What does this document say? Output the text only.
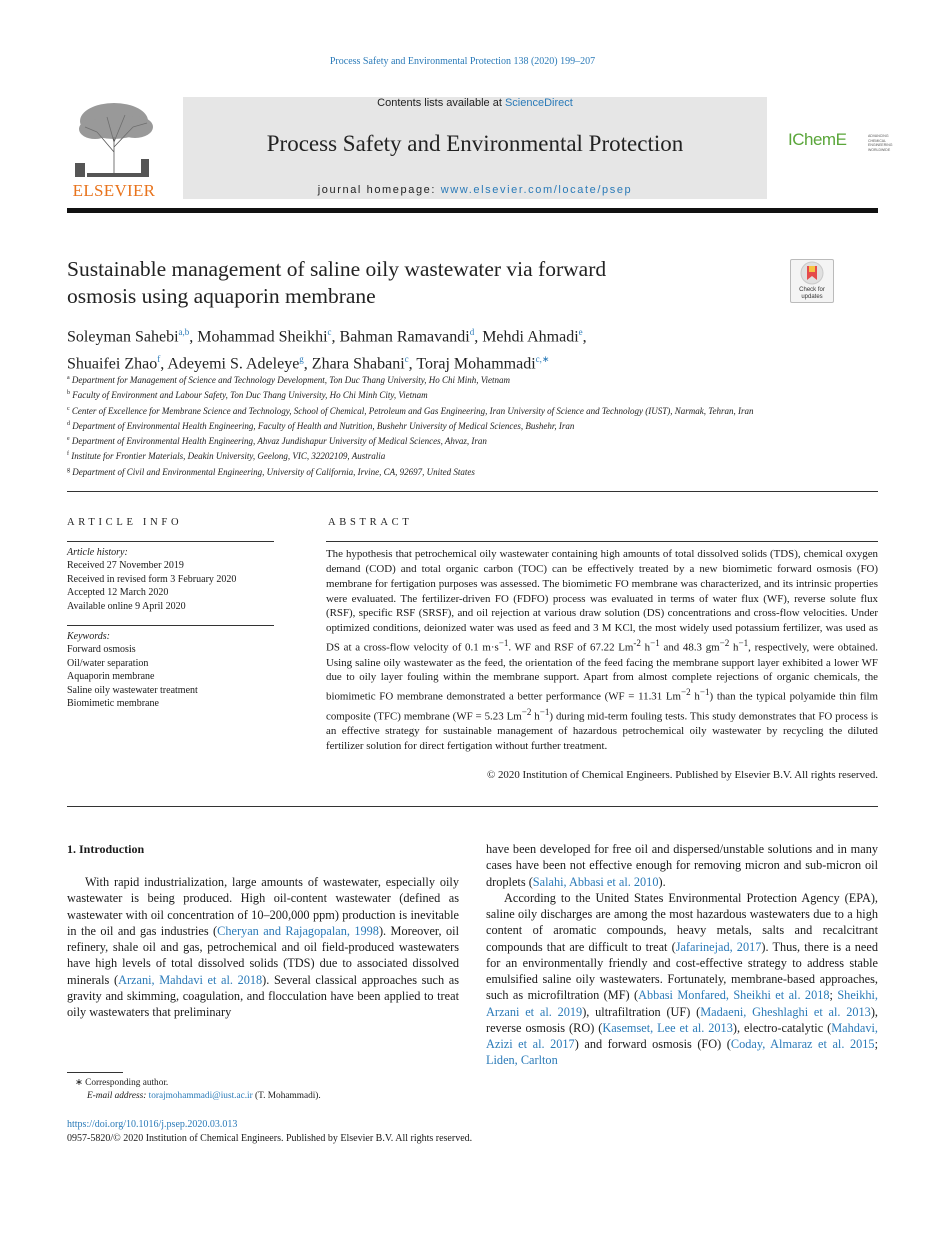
Process Safety and Environmental Protection 138 (2020) 199–207
ELSEVIER
Contents lists available at ScienceDirect
Process Safety and Environmental Protection
journal homepage: www.elsevier.com/locate/psep
IChemE	ADVANCING CHEMICAL ENGINEERING WORLDWIDE
Sustainable management of saline oily wastewater via forward
osmosis using aquaporin membrane	Check for updates
Soleyman Sahebi$^{a,b}$, Mohammad Sheikhi$^c$, Bahman Ramavandi$^d$, Mehdi Ahmadi$^e$,
Shuaifei Zhao$^f$, Adeyemi S. Adeleye$^g$, Zhara Shabani$^c$, Toraj Mohammadi$^{c,∗}$
$^a$ Department for Management of Science and Technology Development, Ton Duc Thang University, Ho Chi Minh, Vietnam
$^b$ Faculty of Environment and Labour Safety, Ton Duc Thang University, Ho Chi Minh City, Vietnam
$^c$ Center of Excellence for Membrane Science and Technology, School of Chemical, Petroleum and Gas Engineering, Iran University of Science and Technology (IUST), Narmak, Tehran, Iran
$^d$ Department of Environmental Health Engineering, Faculty of Health and Nutrition, Bushehr University of Medical Sciences, Bushehr, Iran
$^e$ Department of Environmental Health Engineering, Ahvaz Jundishapur University of Medical Sciences, Ahvaz, Iran
$^f$ Institute for Frontier Materials, Deakin University, Geelong, VIC, 32202109, Australia
$^g$ Department of Civil and Environmental Engineering, University of California, Irvine, CA, 92697, United States
ARTICLE INFO
Article history:
Received 27 November 2019
Received in revised form 3 February 2020
Accepted 12 March 2020
Available online 9 April 2020
Keywords:
Forward osmosis
Oil/water separation
Aquaporin membrane
Saline oily wastewater treatment
Biomimetic membrane
ABSTRACT
The hypothesis that petrochemical oily wastewater containing high amounts of total dissolved solids (TDS), chemical oxygen demand (COD) and total organic carbon (TOC) can be effectively treated by a new biomimetic forward osmosis (FO) membrane for fertigation purposes was assessed. The biomimetic FO membrane was characterized, and its intrinsic properties were evaluated. The fertilizer-driven FO (FDFO) process was evaluated in terms of water flux (WF), reverse solute flux (RSF), specific RSF (SRSF), and oil rejection at various draw solution (DS) concentrations and cross-flow velocities. Under optimized conditions, deionized water was used as feed and 3 M KCl, the most widely used potassium fertilizer, was used as DS at a cross-flow velocity of 0.1 $m\cdot s^{-1}$. WF and RSF of 67.22 $Lm^{-2}$ $h^{-1}$ and 48.3 $gm^{-2}$ $h^{-1}$, respectively, were obtained. Using saline oily wastewater as the feed, the orientation of the feed facing the membrane support layer exhibited a lower WF due to oily layer fouling within the membrane support. Apart from almost complete rejections of organic chemicals, the biomimetic FO membrane demonstrated a better performance (WF = 11.31 $Lm^{-2}$ $h^{-1}$) than the typical polyamide thin film composite (TFC) membrane (WF = 5.23 $Lm^{-2}$ $h^{-1}$) during mid-term fouling tests. This study demonstrates that FO process is an effective strategy for sustainable management of hazardous petrochemical oily wastewater by recycling the diluted fertilizer solution for direct fertigation without further treatment.
© 2020 Institution of Chemical Engineers. Published by Elsevier B.V. All rights reserved.
1. Introduction
With rapid industrialization, large amounts of wastewater, especially oily wastewater is being produced. High oil-content wastewater (defined as wastewater with oil concentration of 10–200,000 ppm) production is inevitable in the oil and gas industries (Cheryan and Rajagopalan, 1998). Moreover, oil refinery, shale oil and gas, petrochemical and oil field-produced wastewaters have high levels of total dissolved solids (TDS) due to associated dissolved minerals (Arzani, Mahdavi et al. 2018). Several classical approaches such as gravity and skimming, coagulation, and flocculation have been applied to treat oily wastewaters that preliminary
have been developed for free oil and dispersed/unstable solutions and in many cases have been not effective enough for removing micron and sub-micron oil droplets (Salahi, Abbasi et al. 2010).
According to the United States Environmental Protection Agency (EPA), saline oily discharges are among the most hazardous wastewaters due to a high content of aromatic compounds, heavy metals, salts and recalcitrant compounds that are difficult to treat (Jafarinejad, 2017). Thus, there is a need for an environmentally friendly and cost-effective strategy to address stable emulsified saline oily wastewaters. Fortunately, membrane-based approaches, such as microfiltration (MF) (Abbasi Monfared, Sheikhi et al. 2018; Sheikhi, Arzani et al. 2019), ultrafiltration (UF) (Madaeni, Gheshlaghi et al. 2013), reverse osmosis (RO) (Kasemset, Lee et al. 2013), electro-catalytic (Mahdavi, Azizi et al. 2017) and forward osmosis (FO) (Coday, Almaraz et al. 2015; Liden, Carlton
∗ Corresponding author.
E-mail address: torajmohammadi@iust.ac.ir (T. Mohammadi).
https://doi.org/10.1016/j.psep.2020.03.013
0957-5820/© 2020 Institution of Chemical Engineers. Published by Elsevier B.V. All rights reserved.
